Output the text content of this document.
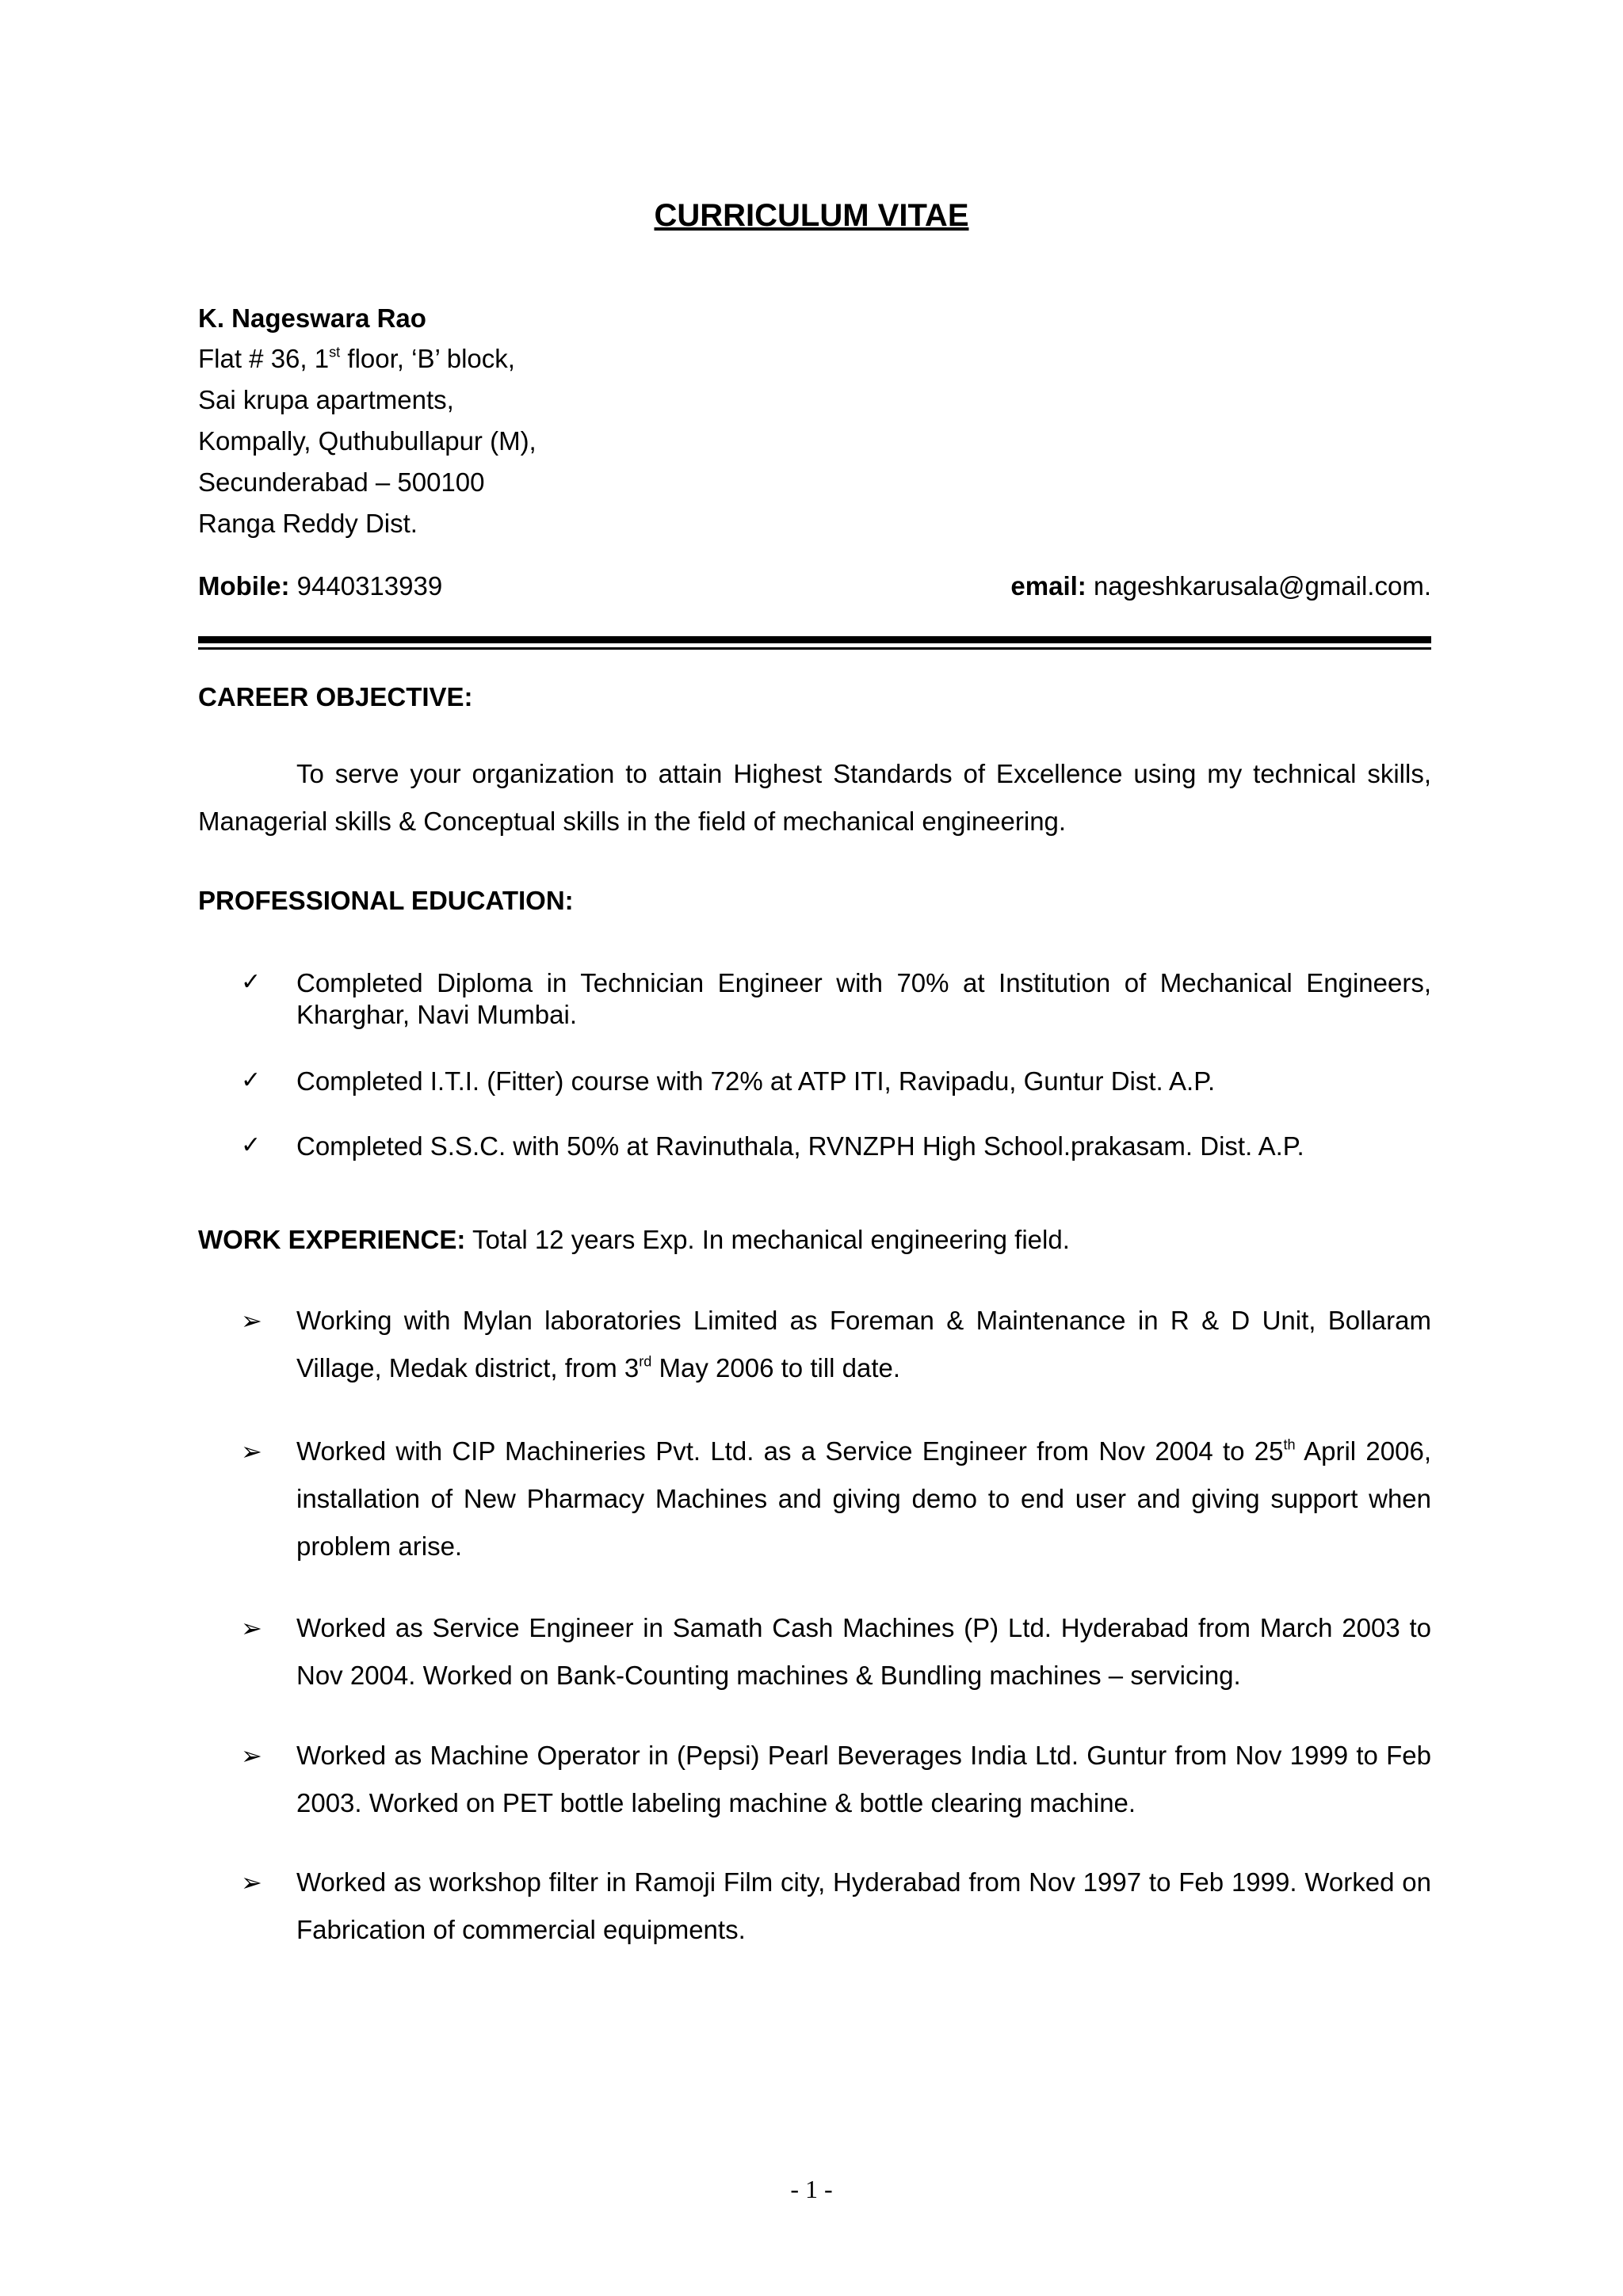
CURRICULUM VITAE
K. Nageswara Rao
Flat # 36, 1st floor, ‘B’ block,
Sai krupa apartments,
Kompally, Quthubullapur (M),
Secunderabad – 500100
Ranga Reddy Dist.
Mobile: 9440313939	email: nageshkarusala@gmail.com.
CAREER OBJECTIVE:
To serve your organization to attain Highest Standards of Excellence using my technical skills, Managerial skills & Conceptual skills in the field of mechanical engineering.
PROFESSIONAL EDUCATION:
✓ Completed Diploma in Technician Engineer with 70% at Institution of Mechanical Engineers, Kharghar, Navi Mumbai.
✓ Completed I.T.I. (Fitter) course with 72% at ATP ITI, Ravipadu, Guntur Dist. A.P.
✓ Completed S.S.C. with 50% at Ravinuthala, RVNZPH High School.prakasam. Dist. A.P.
WORK EXPERIENCE: Total 12 years Exp. In mechanical engineering field.
➢ Working with Mylan laboratories Limited as Foreman & Maintenance in R & D Unit, Bollaram Village, Medak district, from 3rd May 2006 to till date.
➢ Worked with CIP Machineries Pvt. Ltd. as a Service Engineer from Nov 2004 to 25th April 2006, installation of New Pharmacy Machines and giving demo to end user and giving support when problem arise.
➢ Worked as Service Engineer in Samath Cash Machines (P) Ltd. Hyderabad from March 2003 to Nov 2004. Worked on Bank-Counting machines & Bundling machines – servicing.
➢ Worked as Machine Operator in (Pepsi) Pearl Beverages India Ltd. Guntur from Nov 1999 to Feb 2003. Worked on PET bottle labeling machine & bottle clearing machine.
➢ Worked as workshop filter in Ramoji Film city, Hyderabad from Nov 1997 to Feb 1999. Worked on Fabrication of commercial equipments.
- 1 -
